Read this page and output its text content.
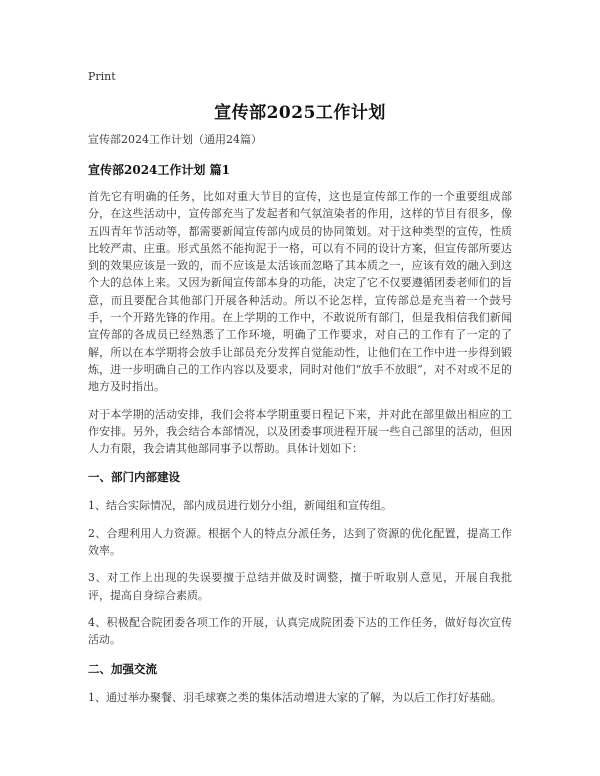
Print
宣传部2025工作计划
宣传部2024工作计划（通用24篇）
宣传部2024工作计划 篇1

首先它有明确的任务，比如对重大节目的宣传，这也是宣传部工作的一个重要组成部分，在这些活动中，宣传部充当了发起者和气氛渲染者的作用，这样的节目有很多，像五四青年节活动等，都需要新闻宣传部内成员的协同策划。对于这种类型的宣传，性质比较严肃、庄重。形式虽然不能拘泥于一格，可以有不同的设计方案，但宣传部所要达到的效果应该是一致的，而不应该是太活该而忽略了其本质之一，应该有效的融入到这个大的总体上来。又因为新闻宣传部本身的功能，决定了它不仅要遵循团委老师们的旨意，而且要配合其他部门开展各种活动。所以不论怎样，宣传部总是充当着一个鼓号手，一个开路先锋的作用。在上学期的工作中，不敢说所有部门，但是我相信我们新闻宣传部的各成员已经熟悉了工作环境，明确了工作要求，对自己的工作有了一定的了解，所以在本学期将会放手让部员充分发挥自觉能动性，让他们在工作中进一步得到锻炼，进一步明确自己的工作内容以及要求，同时对他们“放手不放眼”，对不对或不足的地方及时指出。

对于本学期的活动安排，我们会将本学期重要日程记下来，并对此在部里做出相应的工作安排。另外，我会结合本部情况，以及团委事项进程开展一些自己部里的活动，但因人力有限，我会请其他部同事予以帮助。具体计划如下：

一、部门内部建设

1、结合实际情况，部内成员进行划分小组，新闻组和宣传组。

2、合理利用人力资源。根据个人的特点分派任务，达到了资源的优化配置，提高工作效率。

3、对工作上出现的失误要擅于总结并做及时调整，擅于听取别人意见，开展自我批评，提高自身综合素质。

4、积极配合院团委各项工作的开展，认真完成院团委下达的工作任务，做好每次宣传活动。

二、加强交流

1、通过举办聚餐、羽毛球赛之类的集体活动增进大家的了解，为以后工作打好基础。
